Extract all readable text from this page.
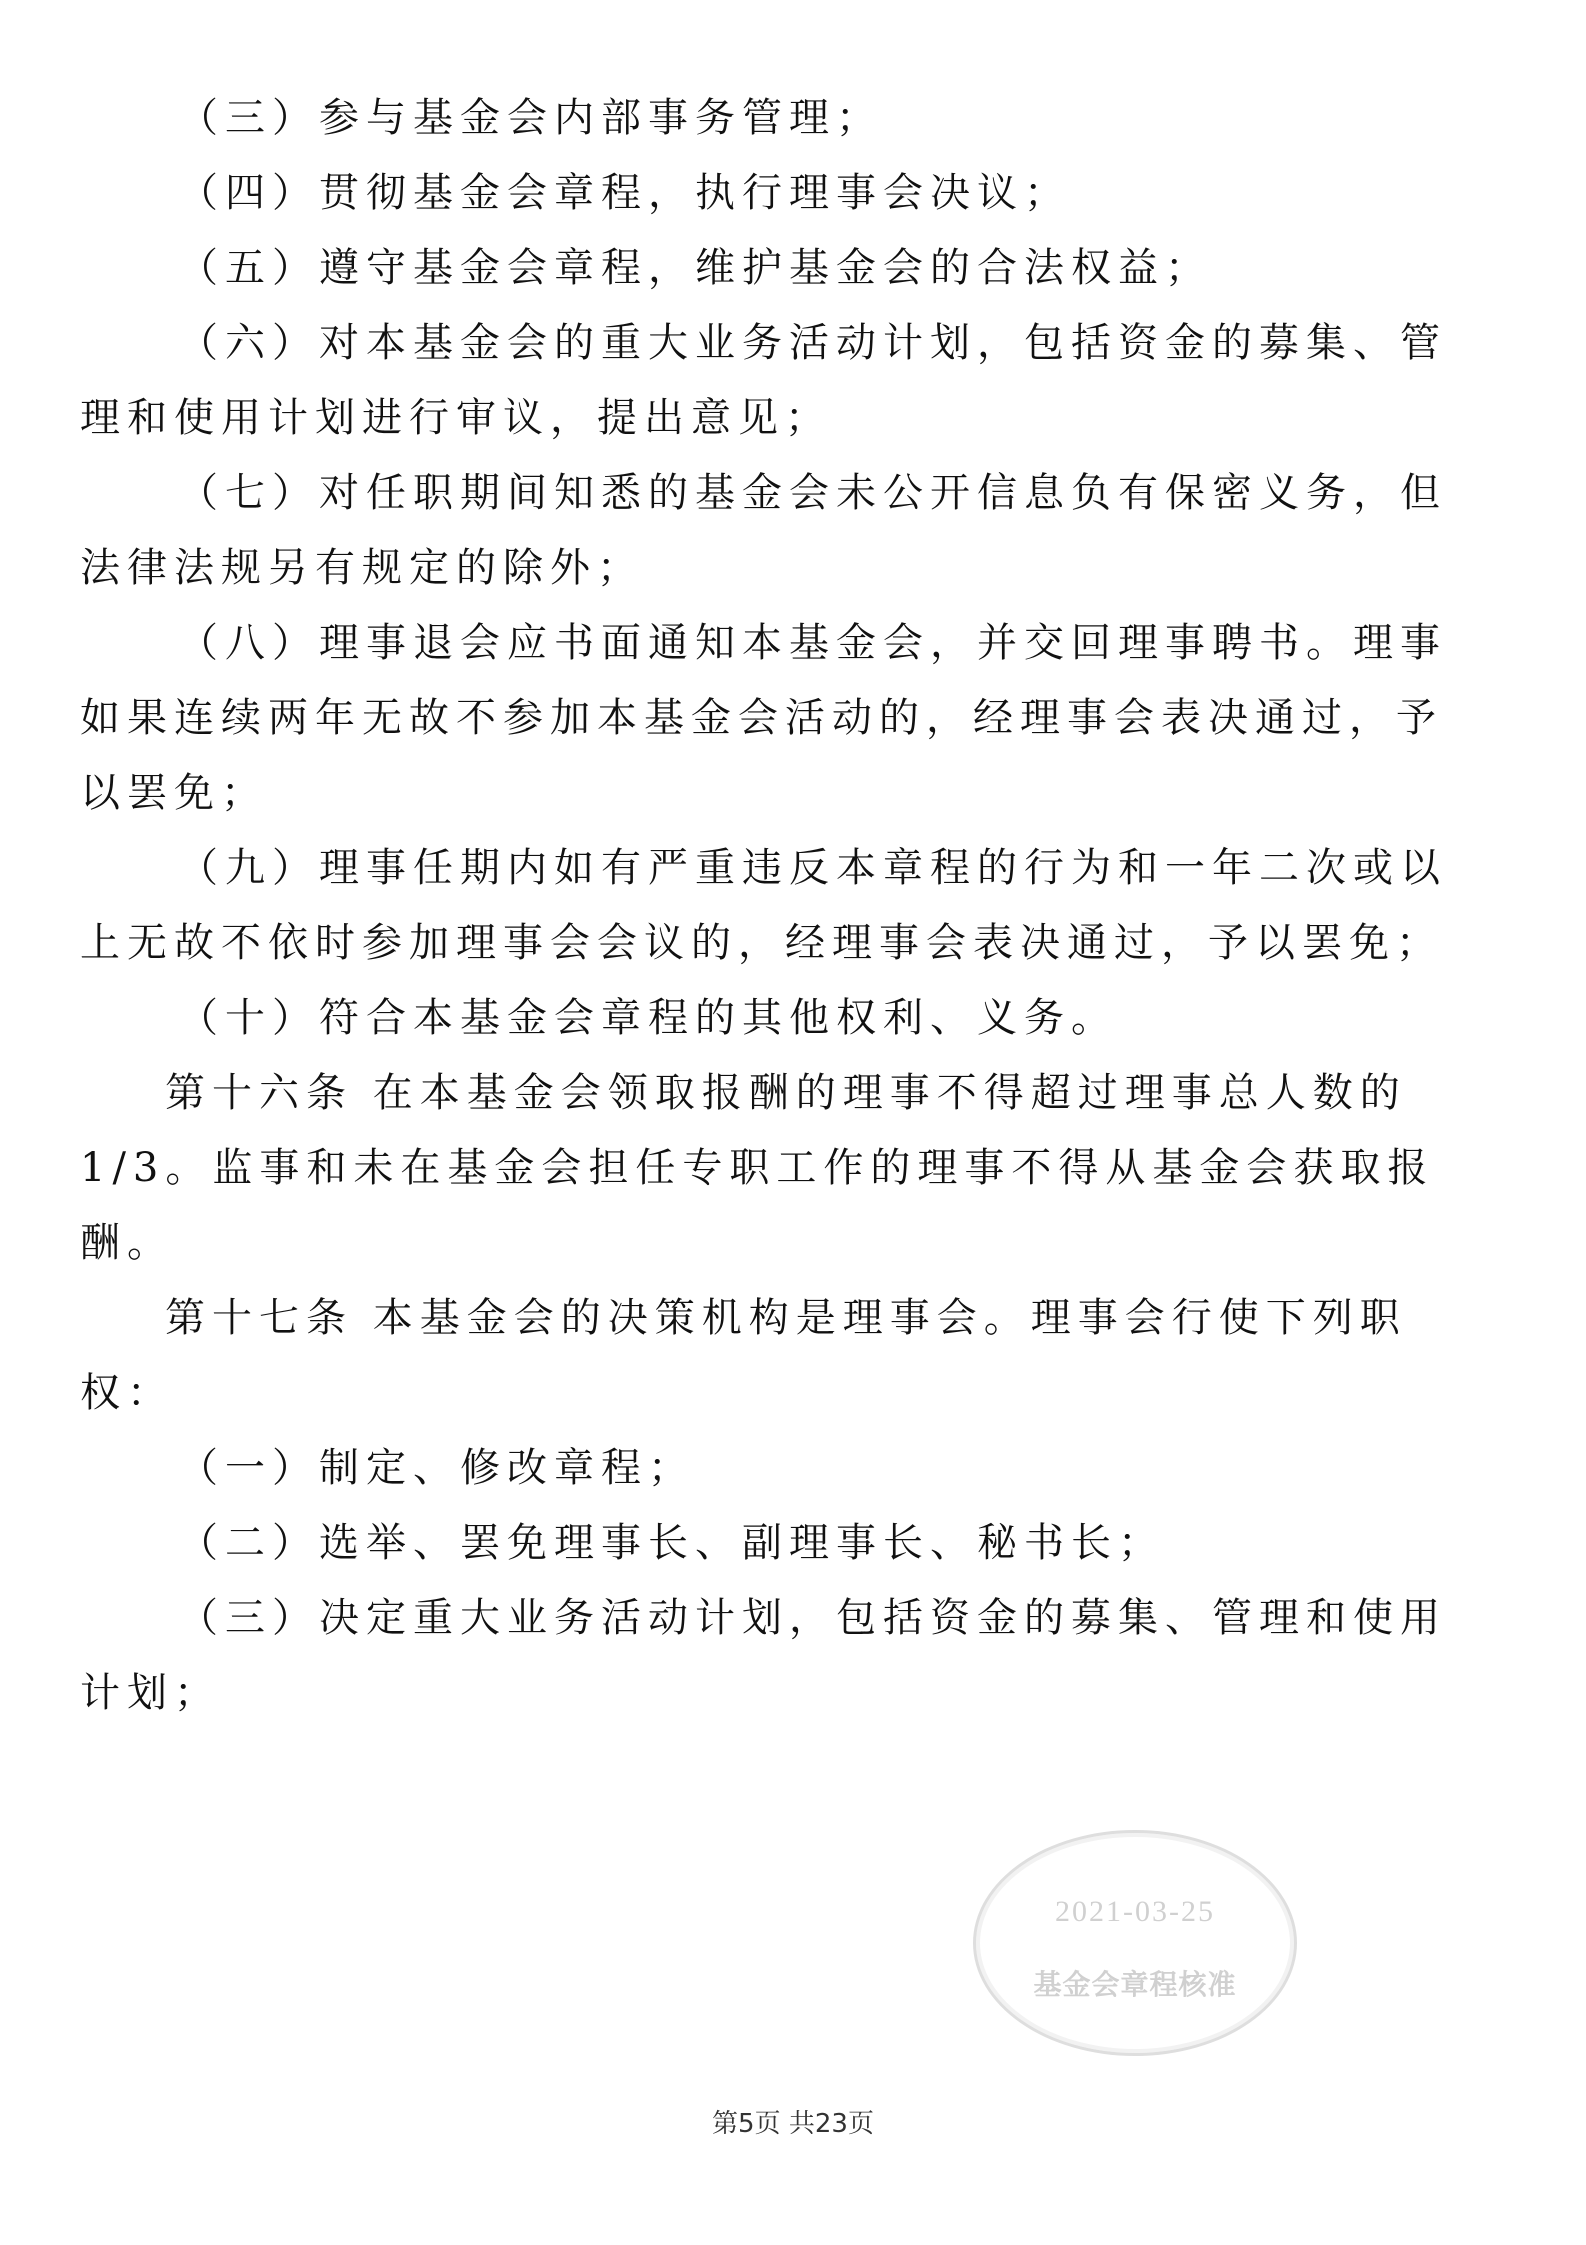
（三）参与基金会内部事务管理；
（四）贯彻基金会章程，执行理事会决议；
（五）遵守基金会章程，维护基金会的合法权益；
（六）对本基金会的重大业务活动计划，包括资金的募集、管
理和使用计划进行审议，提出意见；
（七）对任职期间知悉的基金会未公开信息负有保密义务，但
法律法规另有规定的除外；
（八）理事退会应书面通知本基金会，并交回理事聘书。理事
如果连续两年无故不参加本基金会活动的，经理事会表决通过，予
以罢免；
（九）理事任期内如有严重违反本章程的行为和一年二次或以
上无故不依时参加理事会会议的，经理事会表决通过，予以罢免；
（十）符合本基金会章程的其他权利、义务。
第十六条 在本基金会领取报酬的理事不得超过理事总人数的
1/3。监事和未在基金会担任专职工作的理事不得从基金会获取报
酬。
第十七条 本基金会的决策机构是理事会。理事会行使下列职
权：
（一）制定、修改章程；
（二）选举、罢免理事长、副理事长、秘书长；
（三）决定重大业务活动计划，包括资金的募集、管理和使用
计划；
2021-03-25
基金会章程核准
第5页 共23页
